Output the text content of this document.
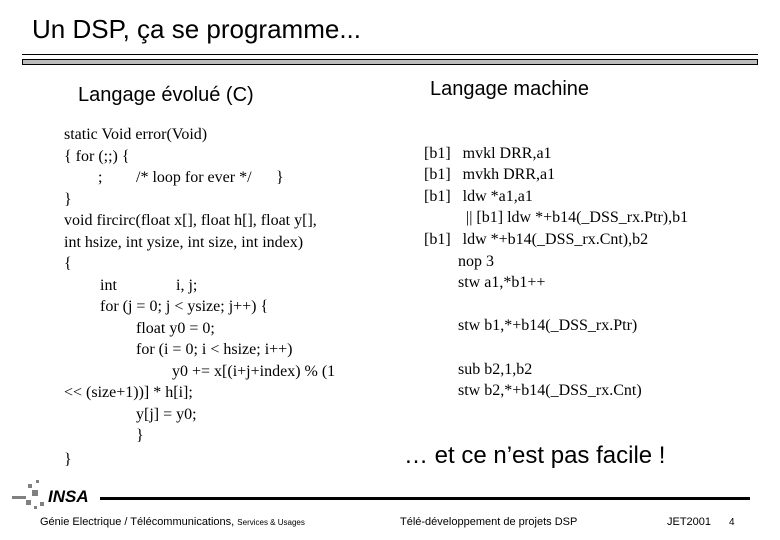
Un DSP, ça se programme...
Langage évolué (C)	Langage machine
static Void error(Void)
{ for (;;) {
; /* loop for ever */ }
}
void fircirc(float x[], float h[], float y[],
int hsize, int ysize, int size, int index)
{
int	i, j;
for (j = 0; j < ysize; j++) {
float y0 = 0;
for (i = 0; i < hsize; i++)
y0 += x[(i+j+index) % (1
<< (size+1))] * h[i];
y[j] = y0;
}
}
[b1]   mvkl DRR,a1
[b1]   mvkh DRR,a1
[b1]   ldw *a1,a1
|| [b1] ldw *+b14(_DSS_rx.Ptr),b1
[b1]   ldw *+b14(_DSS_rx.Cnt),b2
nop 3
stw a1,*b1++
stw b1,*+b14(_DSS_rx.Ptr)
sub b2,1,b2
stw b2,*+b14(_DSS_rx.Cnt)
… et ce n’est pas facile !
INSA
Génie Electrique / Télécommunications, Services & Usages	Télé-développement de projets DSP	JET2001 4
